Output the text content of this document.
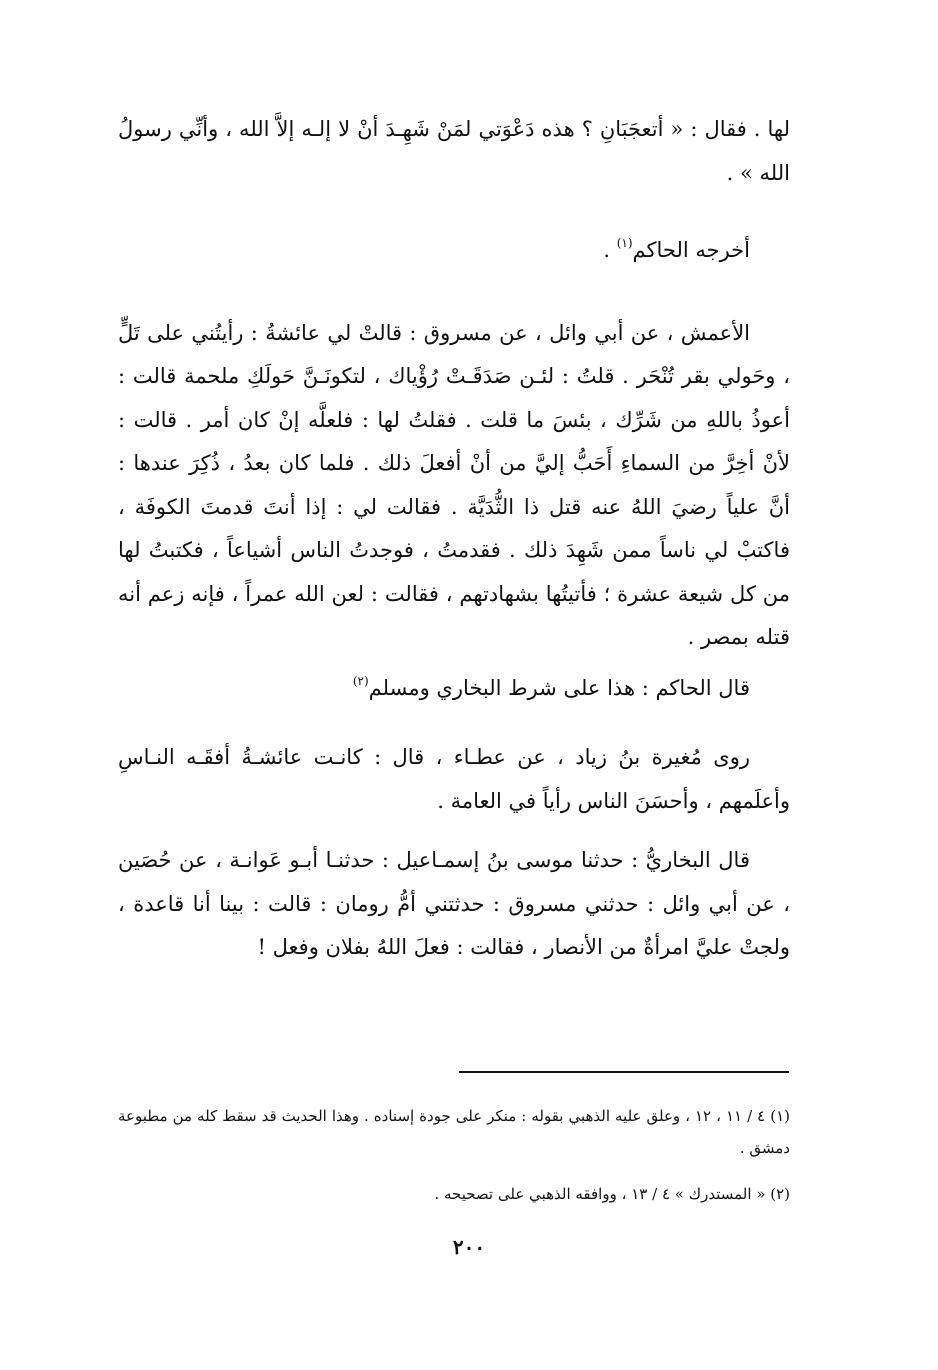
لها . فقال : « أتعجَبَانِ ؟ هذه دَعْوَتي لمَنْ شَهِـدَ أنْ لا إلـه إلاَّ الله ، وأنِّي رسولُ الله » .

أخرجه الحاكم$^{(١)}$ .

الأعمش ، عن أبي وائل ، عن مسروق : قالتْ لي عائشةُ : رأيتُني على تَلٍّ ، وحَولي بقر تُنْحَر . قلتُ : لئـن صَدَقَـتْ رُؤْياك ، لتكونَـنَّ حَولَكِ ملحمة قالت : أعوذُ باللهِ من شَرِّك ، بئسَ ما قلت . فقلتُ لها : فلعلَّه إنْ كان أمر . قالت : لأنْ أخِرَّ من السماءِ أَحَبُّ إليَّ من أنْ أفعلَ ذلك . فلما كان بعدُ ، ذُكِرَ عندها : أنَّ علياً رضيَ اللهُ عنه قتل ذا الثُّدَيَّة . فقالت لي : إذا أنتَ قدمتَ الكوفَة ، فاكتبْ لي ناساً ممن شَهِدَ ذلك . فقدمتُ ، فوجدتُ الناس أشياعاً ، فكتبتُ لها من كل شيعة عشرة ؛ فأتيتُها بشهادتهم ، فقالت : لعن الله عمراً ، فإنه زعم أنه قتله بمصر .

قال الحاكم : هذا على شرط البخاري ومسلم$^{(٢)}$

روى مُغيرة بنُ زياد ، عن عطـاء ، قال : كانـت عائشـةُ أفقَـه النـاسِ وأعلَمهم ، وأحسَنَ الناس رأياً في العامة .

قال البخاريُّ : حدثنا موسى بنُ إسمـاعيل : حدثنـا أبـو عَوانـة ، عن حُصَين ، عن أبي وائل : حدثني مسروق : حدثتني أمُّ رومان : قالت : بينا أنا قاعدة ، ولجتْ عليَّ امرأةٌ من الأنصار ، فقالت : فعلَ اللهُ بفلان وفعل !

(١) ٤ / ١١ ، ١٢ ، وعلق عليه الذهبي بقوله : منكر على جودة إسناده . وهذا الحديث قد سقط كله من مطبوعة دمشق .

(٢) « المستدرك » ٤ / ١٣ ، ووافقه الذهبي على تصحيحه .

٢٠٠
